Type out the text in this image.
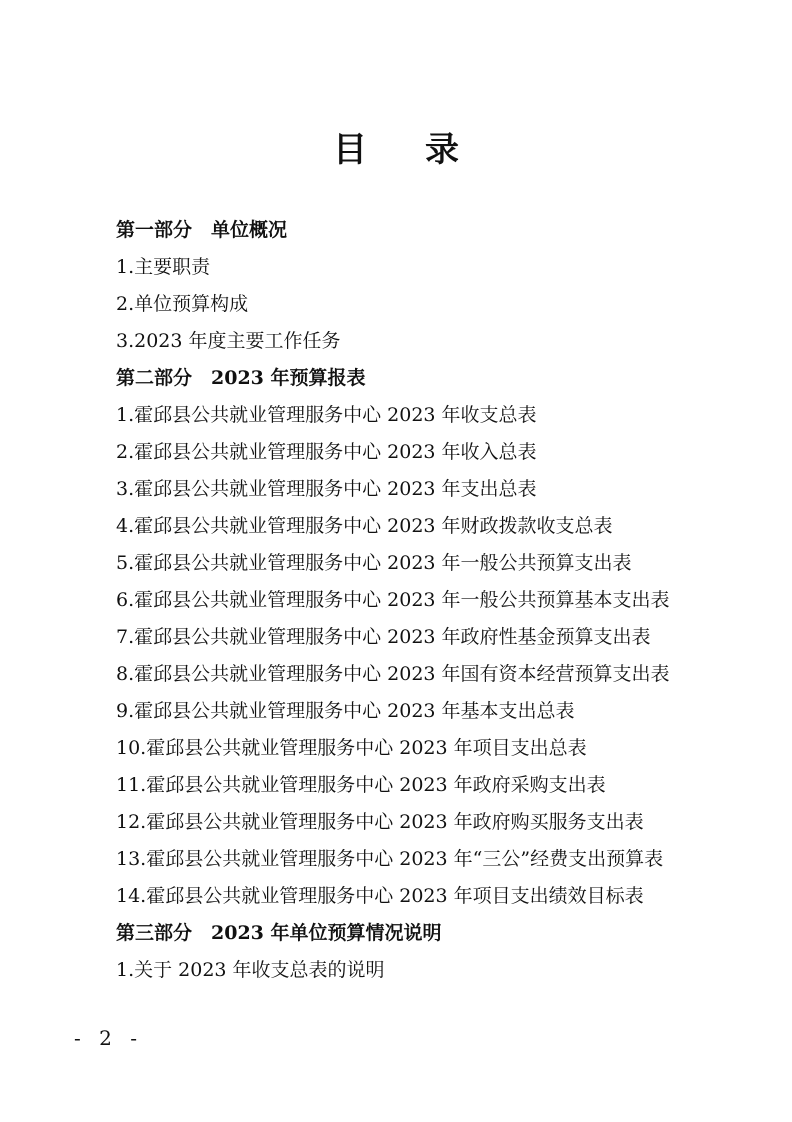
目录
第一部分　单位概况
1.主要职责
2.单位预算构成
3.2023 年度主要工作任务
第二部分　2023 年预算报表
1.霍邱县公共就业管理服务中心 2023 年收支总表
2.霍邱县公共就业管理服务中心 2023 年收入总表
3.霍邱县公共就业管理服务中心 2023 年支出总表
4.霍邱县公共就业管理服务中心 2023 年财政拨款收支总表
5.霍邱县公共就业管理服务中心 2023 年一般公共预算支出表
6.霍邱县公共就业管理服务中心 2023 年一般公共预算基本支出表
7.霍邱县公共就业管理服务中心 2023 年政府性基金预算支出表
8.霍邱县公共就业管理服务中心 2023 年国有资本经营预算支出表
9.霍邱县公共就业管理服务中心 2023 年基本支出总表
10.霍邱县公共就业管理服务中心 2023 年项目支出总表
11.霍邱县公共就业管理服务中心 2023 年政府采购支出表
12.霍邱县公共就业管理服务中心 2023 年政府购买服务支出表
13.霍邱县公共就业管理服务中心 2023 年“三公”经费支出预算表
14.霍邱县公共就业管理服务中心 2023 年项目支出绩效目标表
第三部分　2023 年单位预算情况说明
1.关于 2023 年收支总表的说明
- 2 -
